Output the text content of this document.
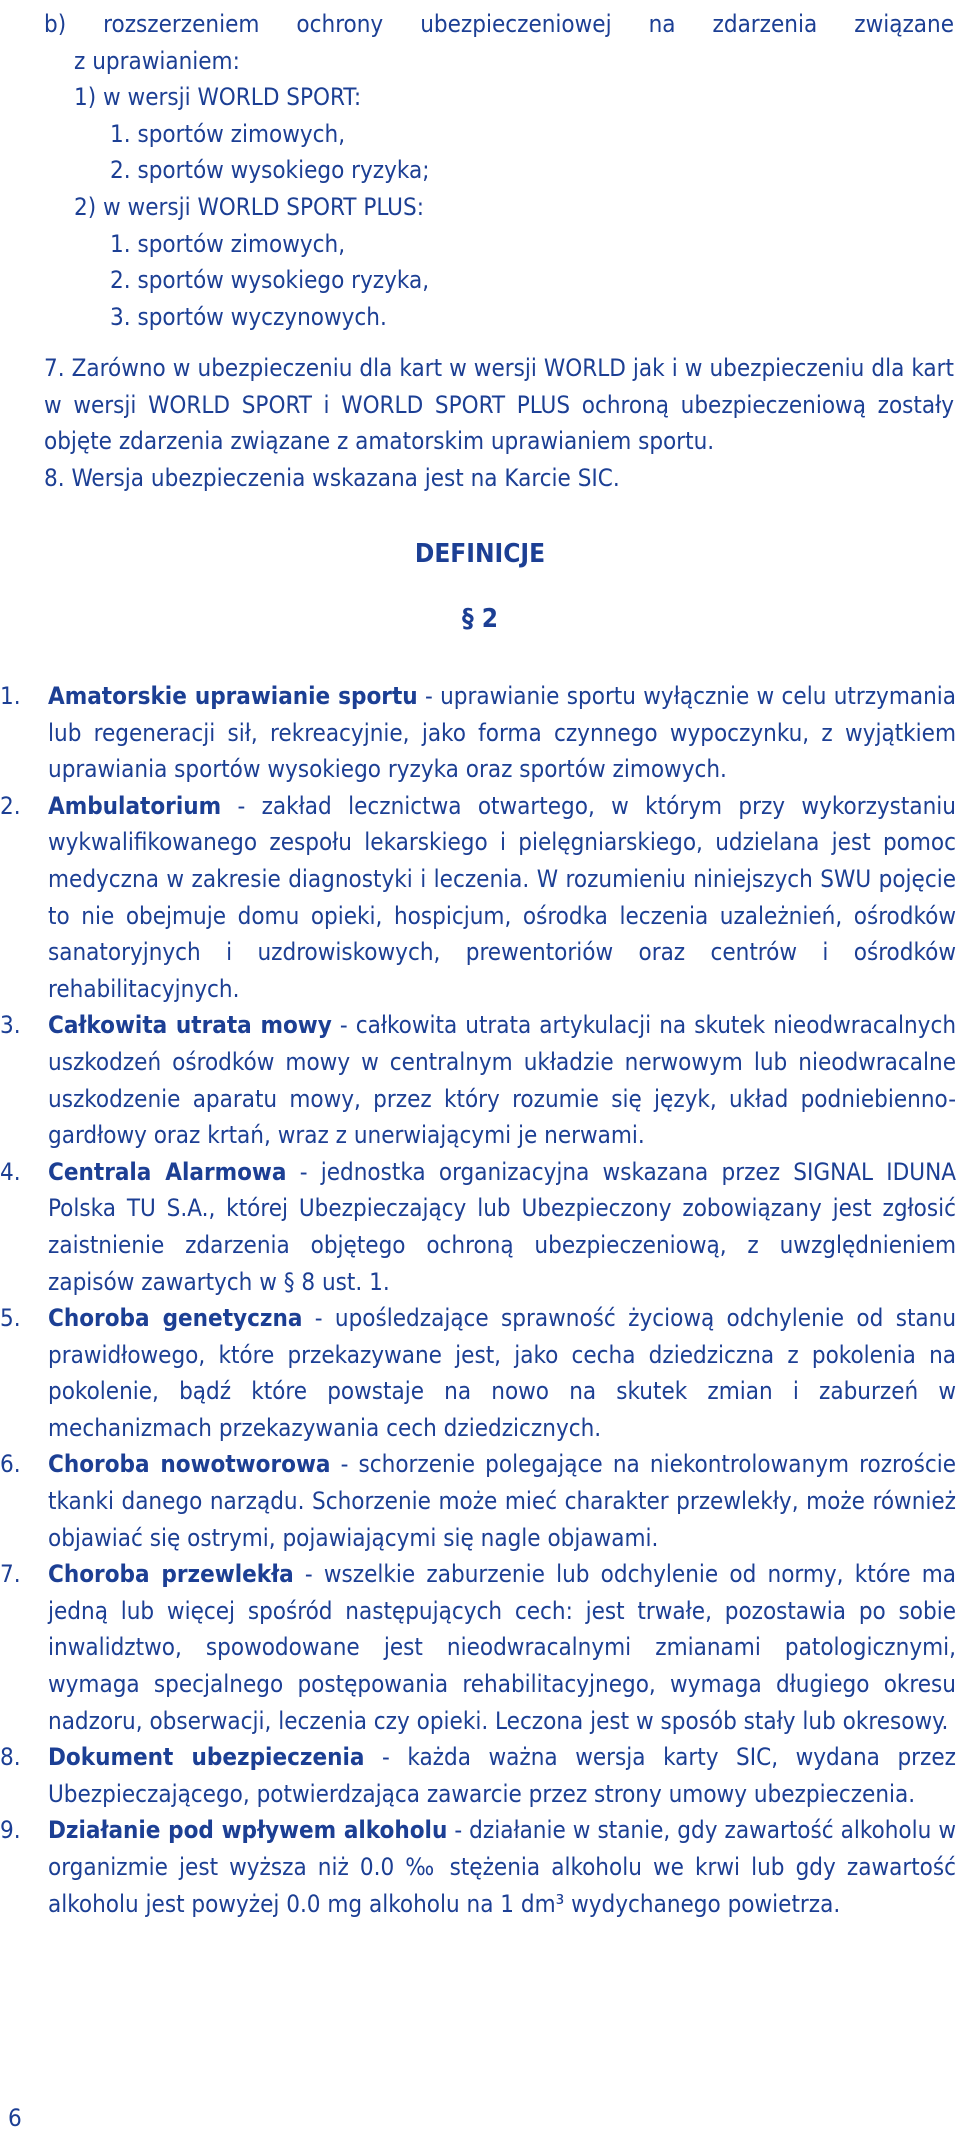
b) rozszerzeniem ochrony ubezpieczeniowej na zdarzenia związane
z uprawianiem:
1) w wersji WORLD SPORT:
1. sportów zimowych,
2. sportów wysokiego ryzyka;
2) w wersji WORLD SPORT PLUS:
1. sportów zimowych,
2. sportów wysokiego ryzyka,
3. sportów wyczynowych.
7. Zarówno w ubezpieczeniu dla kart w wersji WORLD jak i w ubezpieczeniu dla kart w wersji WORLD SPORT i WORLD SPORT PLUS ochroną ubezpieczeniową zostały objęte zdarzenia związane z amatorskim uprawianiem sportu.
8. Wersja ubezpieczenia wskazana jest na Karcie SIC.
DEFINICJE
§ 2
1. Amatorskie uprawianie sportu - uprawianie sportu wyłącznie w celu utrzymania lub regeneracji sił, rekreacyjnie, jako forma czynnego wypoczynku, z wyjątkiem uprawiania sportów wysokiego ryzyka oraz sportów zimowych.
2. Ambulatorium - zakład lecznictwa otwartego, w którym przy wykorzystaniu wykwalifikowanego zespołu lekarskiego i pielęgniarskiego, udzielana jest pomoc medyczna w zakresie diagnostyki i leczenia. W rozumieniu niniejszych SWU pojęcie to nie obejmuje domu opieki, hospicjum, ośrodka leczenia uzależnień, ośrodków sanatoryjnych i uzdrowiskowych, prewentoriów oraz centrów i ośrodków rehabilitacyjnych.
3. Całkowita utrata mowy - całkowita utrata artykulacji na skutek nieodwracalnych uszkodzeń ośrodków mowy w centralnym układzie nerwowym lub nieodwracalne uszkodzenie aparatu mowy, przez który rozumie się język, układ podniebienno-gardłowy oraz krtań, wraz z unerwiającymi je nerwami.
4. Centrala Alarmowa - jednostka organizacyjna wskazana przez SIGNAL IDUNA Polska TU S.A., której Ubezpieczający lub Ubezpieczony zobowiązany jest zgłosić zaistnienie zdarzenia objętego ochroną ubezpieczeniową, z uwzględnieniem zapisów zawartych w § 8 ust. 1.
5. Choroba genetyczna - upośledzające sprawność życiową odchylenie od stanu prawidłowego, które przekazywane jest, jako cecha dziedziczna z pokolenia na pokolenie, bądź które powstaje na nowo na skutek zmian i zaburzeń w mechanizmach przekazywania cech dziedzicznych.
6. Choroba nowotworowa - schorzenie polegające na niekontrolowanym rozroście tkanki danego narządu. Schorzenie może mieć charakter przewlekły, może również objawiać się ostrymi, pojawiającymi się nagle objawami.
7. Choroba przewlekła - wszelkie zaburzenie lub odchylenie od normy, które ma jedną lub więcej spośród następujących cech: jest trwałe, pozostawia po sobie inwalidztwo, spowodowane jest nieodwracalnymi zmianami patologicznymi, wymaga specjalnego postępowania rehabilitacyjnego, wymaga długiego okresu nadzoru, obserwacji, leczenia czy opieki. Leczona jest w sposób stały lub okresowy.
8. Dokument ubezpieczenia - każda ważna wersja karty SIC, wydana przez Ubezpieczającego, potwierdzająca zawarcie przez strony umowy ubezpieczenia.
9. Działanie pod wpływem alkoholu - działanie w stanie, gdy zawartość alkoholu w organizmie jest wyższa niż 0.0 ‰ stężenia alkoholu we krwi lub gdy zawartość alkoholu jest powyżej 0.0 mg alkoholu na 1 dm³ wydychanego powietrza.
6
